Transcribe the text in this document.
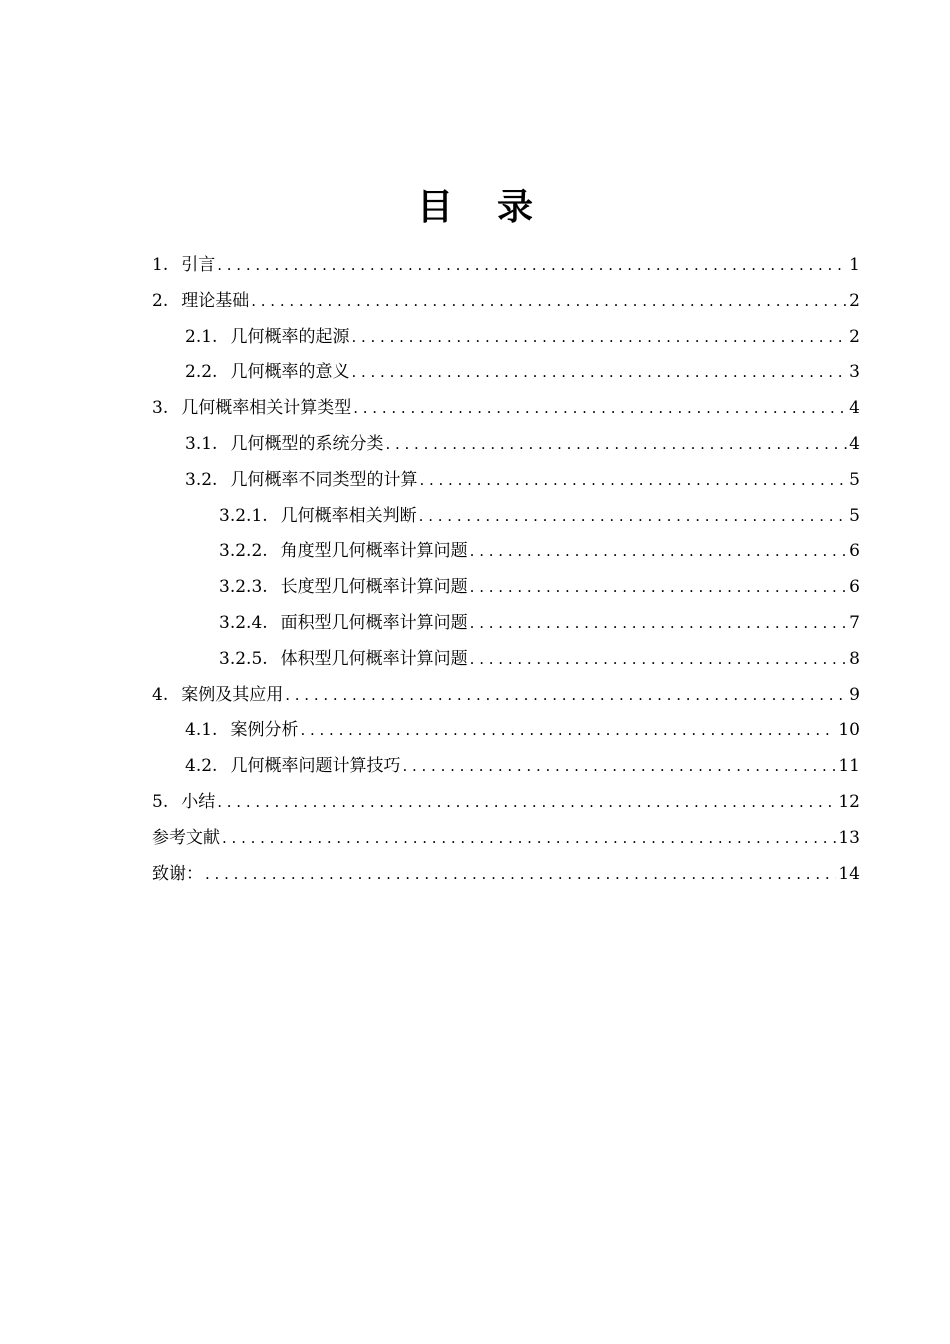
目 录
1. 引言 . . .	1
2. 理论基础 . . .	2
2.1. 几何概率的起源 . . .	2
2.2. 几何概率的意义 . . .	3
3. 几何概率相关计算类型 . . .	4
3.1. 几何概型的系统分类 . . .	4
3.2. 几何概率不同类型的计算 . . .	5
3.2.1. 几何概率相关判断 . . .	5
3.2.2. 角度型几何概率计算问题 . . .	6
3.2.3. 长度型几何概率计算问题 . . .	6
3.2.4. 面积型几何概率计算问题 . . .	7
3.2.5. 体积型几何概率计算问题 . . .	8
4. 案例及其应用 . . .	9
4.1. 案例分析 . . .	10
4.2. 几何概率问题计算技巧 . . .	11
5. 小结 . . .	12
参考文献 . . .	13
致谢： . . .	14
